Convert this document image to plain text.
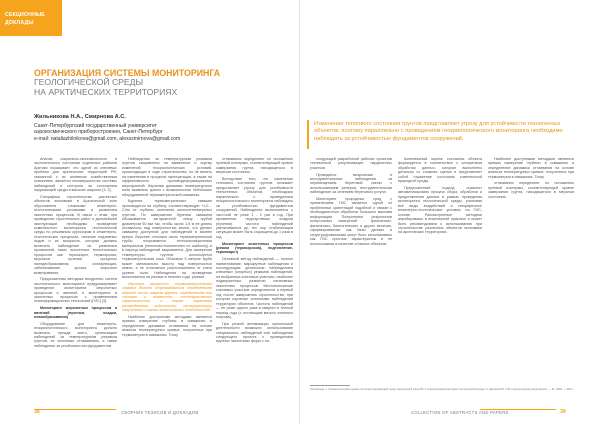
СЕКЦИОННЫЕ
ДОКЛАДЫ
ОРГАНИЗАЦИЯ СИСТЕМЫ МОНИТОРИНГА
ГЕОЛОГИЧЕСКОЙ СРЕДЫ
НА АРКТИЧЕСКИХ ТЕРРИТОРИЯХ
Жильникова Н.А., Смирнова А.С.
Санкт-Петербургский государственный университет
аэрокосмического приборостроения, Санкт-Петербург
e-mail: nataliazhilnikova@gmail.com, alexssmirnova@gmail.com

Анализ социально-экономического и экологического состояния отдельных районов Арктики показывает, что одной из ключевых проблем для арктических территорий РФ, связанной с их активным хозяйственным освоением, является несовершенство системы наблюдений и контроля за состоянием окружающей среды в высоких широтах [1, 2].

Специфика строительства различных объектов экономики в Арктической зоне обусловлена сложными инженерно-геологическими условиями и развитием экзогенных процессов. В связи с этим, при проведении строительных работ и дальнейшей эксплуатации необходимо проведение комплексного мониторинга геологической среды по режимным кругозорам в инженерно-геологических процессах, наличие подземных льдов и их мощность, которые должны включать наблюдение за развитием проявлений таких экзогенных геологических процессов как: термокарст, термоэрозия, морозное пучение, процессы наледеобразования, солифлюкция, заболачивание, эрозия, морозное выветривание.

Предложенная методика внедрения систем экологического мониторинга предусматривает проведение мониторинга мерзлотных процессов и явлений и мониторинга в экзогенных процессах с применением геоинформационных технологий (ГИС) [3].

Мониторинг мерзлотных процессов и явлений (пучения, осадки, новообразования)

Оборудование для инженерно-геокриологического мониторинга должно включать, прежде всего, организацию наблюдений за температурным режимом грунтов, их сезонным оттаиванием, а также наблюдения за устойчивостью фундаментов.

Наблюдения за температурным режимом грунтов направлены на выявление и оценку изменений геокриологических условий, происходящих в ходе строительства, но не влиять на изменения в процессе эксплуатации, а также на эффективность противодеформационных мероприятий. Изучение динамики температурного поля выявлять кратко с возможностью небольших оборудованной термометрической скважины.

Бурение термометрических скважин производится на глубину, соответствующую +1,0…2,0м от глубины залегания многолетнемерзлых грунтов. По завершении бурения скважина обсаживается заглушенной снизу трубой диаметром 50 мм так, чтобы около 1,5 м ее длины оставалось над поверхностью земли, что делает скважину доступной для наблюдений в зимнее время. Верхние оголовки часть термометрической трубы покрываются теплоизоляционным материалом (пенопласт/полиэтилен по шаблону) и в период наблюдений закрывается. Для измерения температуры грунтов используется термометрическая коса. Объемом 5 метров труба может минимально высоту над поверхностью земли, и не отличаться расположением от снега уровня поля. Наблюдения на проведение выполняются на разные в течение года, разные.

Изучение мощности термометрическими скважин должно сопровождаться определением верхней части разреза грунта, определением его состава и влажности, теплофизических характеристик, а также характера распределения льдистости, интерпретации полученных и оценки кинетических особенностей.

Наиболее доступными методами являются прямая измерение глубины в скважинах и определение динамики оттаивания на основе анализа температурных кривых, полученных при термометрии в скважинах. Точку

оттаивания определяют по положению нулевой изотермы, соответствующей кровле замерзания грунта, находящегося в мерзлом состоянии.

Вследствие того, что изменение теплового состояния грунтов понижает представляет угрозу для устойчивости техногенных объектов, необходимо параллельно с проведением геокриологического мониторинга наблюдать за устойчивостью фундаментов сооружений. Наблюдения выполняются с частотой не реже 1 - 2 раз в год. При проявлении недопустимых осадков (пучения) частота наблюдений увеличивается до тех пор стабилизации ситуации может быть сокращена до 1 раза в год.

Мониторинг экзогенных процессов (режим (термоэрозия), подтопление, термокарст)

Основной метод наблюдений — полное наименование, маршрутные наблюдения и последующим детальным наблюдением ключевых (опорных) режимов наблюдений, на выбранных ключевых участках, наиболее подверженных развитию негативных экзогенных процессов. Местоположение ключевых участков определяются и первый год после завершения строительства, при котором изучение сезонными наблюдений территории объектов. Частота наблюдений — не реже одного раза в квартал в теплый период года (с отстающим малого снежного покрова).

При резкой активизации ореонномой деятельности возможно использование специальных наблюдений или наблюдения следующего проекта с проведением крупных экзогенных форм с по-

38	СБОРНИК ТЕЗИСОВ И ДОКЛАДОВ
Изменение теплового состояния грунтов представляет угрозу для устойчивости техногенных объектов, поэтому параллельно с проведением геокриологического мониторинга необходимо наблюдать за устойчивостью фундаментов сооружений.

следующей разработкой рабочих проектов технической рекультивации нарушенных участков.

Проводится визуальные и инструментальные наблюдения за перемещением береговой линии с использованием реперов, инструментальная наблюдение за сечением берегового уступа.

Мониторинг природных сред с применением ГИС является одной из проблемных ориентаций подобной и связан с необходимостью обработки большого массива информации. Получением результатов контрольных измерений - физических, физических, биологических и других величин, сформированные как базы данных и структурированными могут быть использованы как ГИС простые характеристик и не использованы в качестве сложных объектов.

Комплексный оценке состояния объекта формируется в соответствии с алгоритмом обработки данных, которые выполнены детально со сложная оценка и представляет собой отражение состояния комплексной природной среды.

Предложенный подход позволит автоматизировать процесс сбора, обработки и представления данных в рамках проведения мониторинга геологической среды, учитывая все виды воздействий и специфичные инженерно-геологические условия, на ГИС-основе. Рассмотренные методики апробированы в инженерной практике и может быть рекомендована к использованию при строительстве различных объектов экономики на арктических территориях.

Наиболее доступными методами являются прямая измерение глубины в скважинах и определение динамики оттаивания на основе анализа температурных кривых, полученных при термометрии в скважинах. Точку

оттаивания определяют по положению нулевой изотермы, соответствующей кровле замерзания грунта, находящегося в мерзлом состоянии.

Литература. 1. Геоэкологическая оценка состояния окружающей среды Арктической зоны РФ. 2. Комплексный мониторинг геологической среды. 3. Цветков В.Я. ГИС в экологическом мониторинге. — М., 2018. — 260 с.
COLLECTION OF ABSTRACTS AND PAPERS	39
